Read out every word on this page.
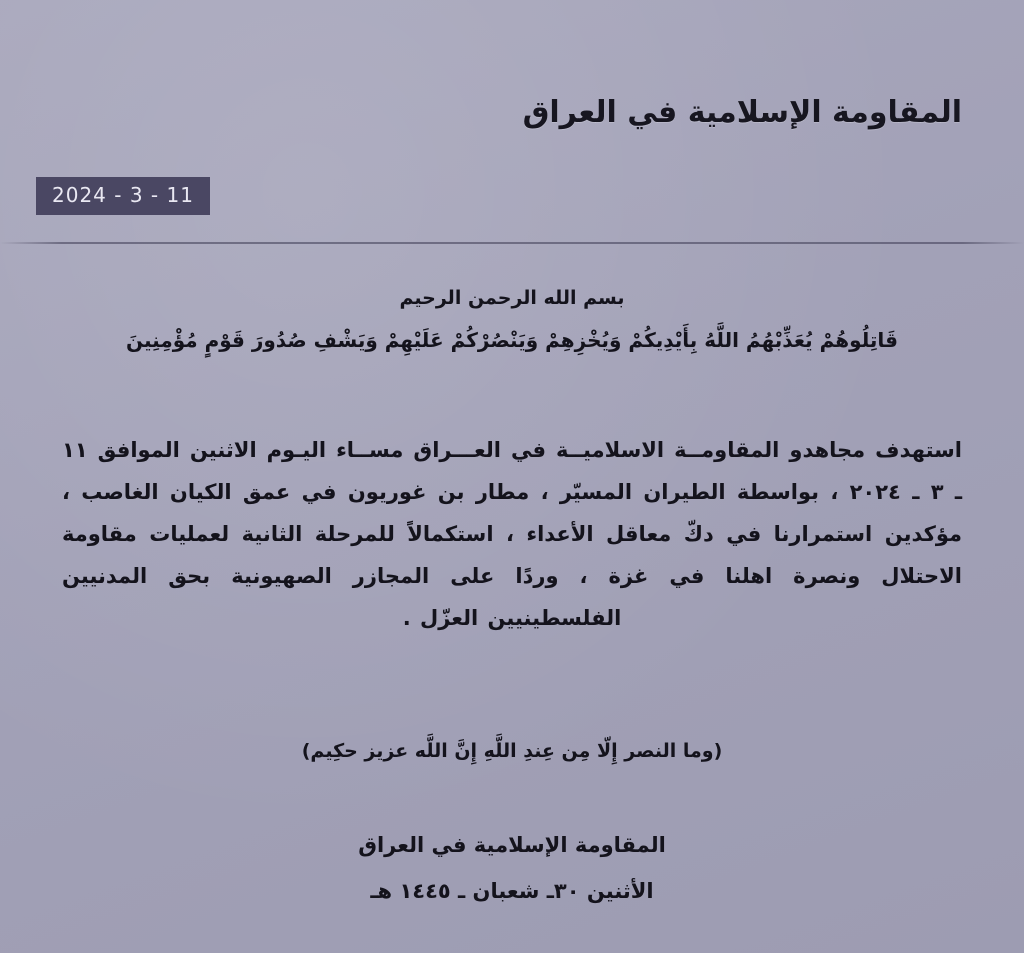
المقاومة الإسلامية في العراق
2024 - 3 - 11
بسم الله الرحمن الرحيم
قَاتِلُوهُمْ يُعَذِّبْهُمُ اللَّهُ بِأَيْدِيكُمْ وَيُخْزِهِمْ وَيَنْصُرْكُمْ عَلَيْهِمْ وَيَشْفِ صُدُورَ قَوْمٍ مُؤْمِنِينَ
استهدف مجاهدو المقاومــة الاسلاميــة في العـــراق مســاء اليـوم الاثنين الموافق ١١ ـ ٣ ـ ٢٠٢٤ ، بواسطة الطيران المسيّر ، مطار بن غوريون في عمق الكيان الغاصب ، مؤكدين استمرارنا في دكّ معاقل الأعداء ، استكمالاً للمرحلة الثانية لعمليات مقاومة الاحتلال ونصرة اهلنا في غزة ، وردًا على المجازر الصهيونية بحق المدنيين الفلسطينيين العزّل .
(وما النصر إِلّا مِن عِندِ اللَّهِ إِنَّ اللَّه عزيز حكِيم)
المقاومة الإسلامية في العراق
الأثنين ٣٠ـ شعبان ـ ١٤٤٥ هـ
